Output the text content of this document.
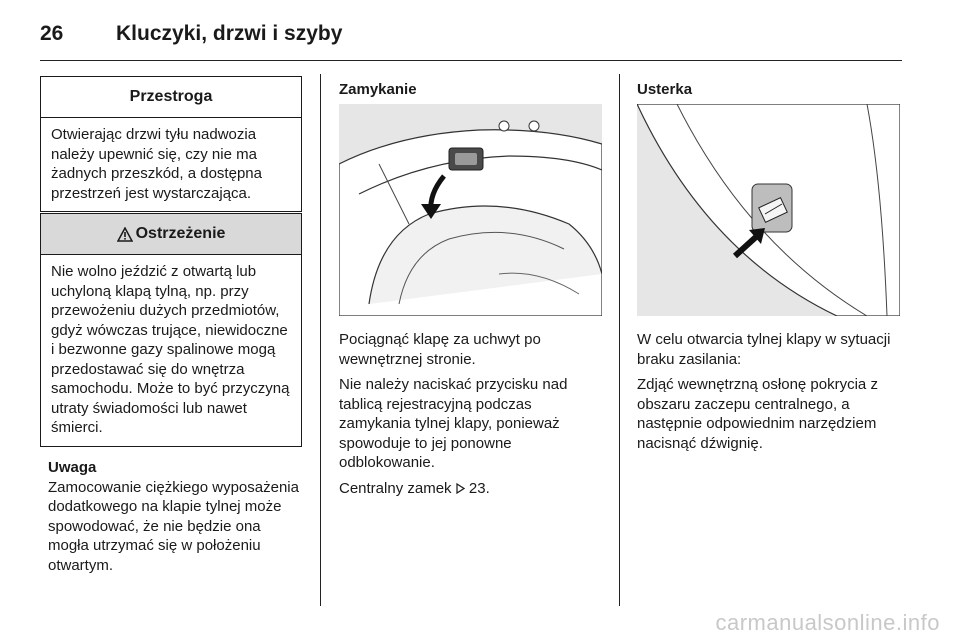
26	Kluczyki, drzwi i szyby
Przestroga
Otwierając drzwi tyłu nadwozia należy upewnić się, czy nie ma żadnych przeszkód, a dostępna przestrzeń jest wystarczająca.
Ostrzeżenie
Nie wolno jeździć z otwartą lub uchyloną klapą tylną, np. przy przewożeniu dużych przedmiotów, gdyż wówczas trujące, niewidoczne i bezwonne gazy spalinowe mogą przedostawać się do wnętrza samochodu. Może to być przyczyną utraty świadomości lub nawet śmierci.
Uwaga

Zamocowanie ciężkiego wyposażenia dodatkowego na klapie tylnej może spowodować, że nie będzie ona mogła utrzymać się w położeniu otwartym.

Zamykanie

Pociągnąć klapę za uchwyt po wewnętrznej stronie.

Nie należy naciskać przycisku nad tablicą rejestracyjną podczas zamykania tylnej klapy, ponieważ spowoduje to jej ponowne odblokowanie.

Centralny zamek 23.

Usterka

W celu otwarcia tylnej klapy w sytuacji braku zasilania:

Zdjąć wewnętrzną osłonę pokrycia z obszaru zaczepu centralnego, a następnie odpowiednim narzędziem nacisnąć dźwignię.

carmanualsonline.info
